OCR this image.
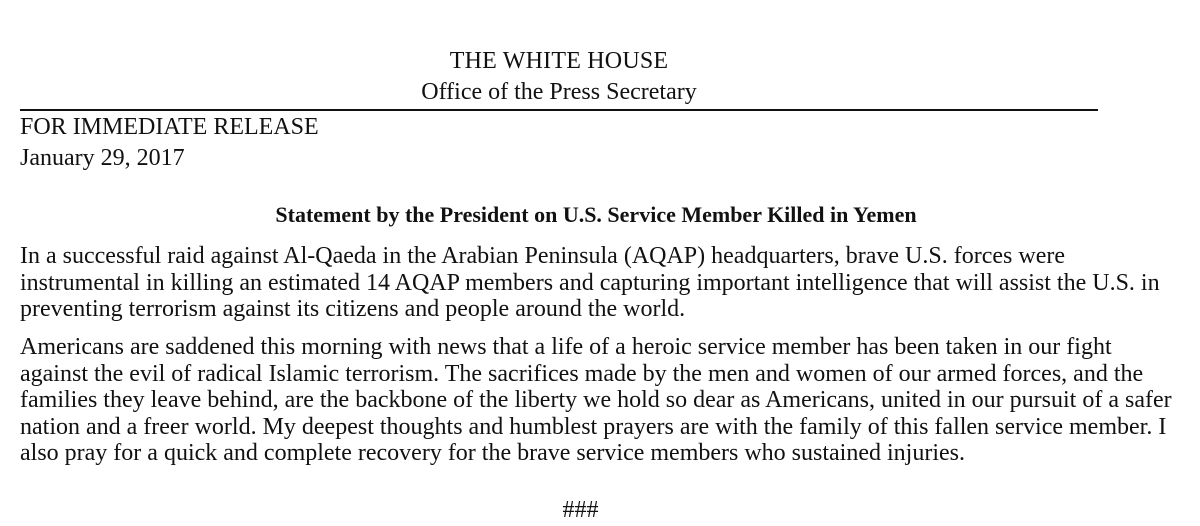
THE WHITE HOUSE
Office of the Press Secretary
FOR IMMEDIATE RELEASE
January 29, 2017
Statement by the President on U.S. Service Member Killed in Yemen

In a successful raid against Al-Qaeda in the Arabian Peninsula (AQAP) headquarters, brave U.S. forces were instrumental in killing an estimated 14 AQAP members and capturing important intelligence that will assist the U.S. in preventing terrorism against its citizens and people around the world.

Americans are saddened this morning with news that a life of a heroic service member has been taken in our fight against the evil of radical Islamic terrorism. The sacrifices made by the men and women of our armed forces, and the families they leave behind, are the backbone of the liberty we hold so dear as Americans, united in our pursuit of a safer nation and a freer world. My deepest thoughts and humblest prayers are with the family of this fallen service member. I also pray for a quick and complete recovery for the brave service members who sustained injuries.

###
